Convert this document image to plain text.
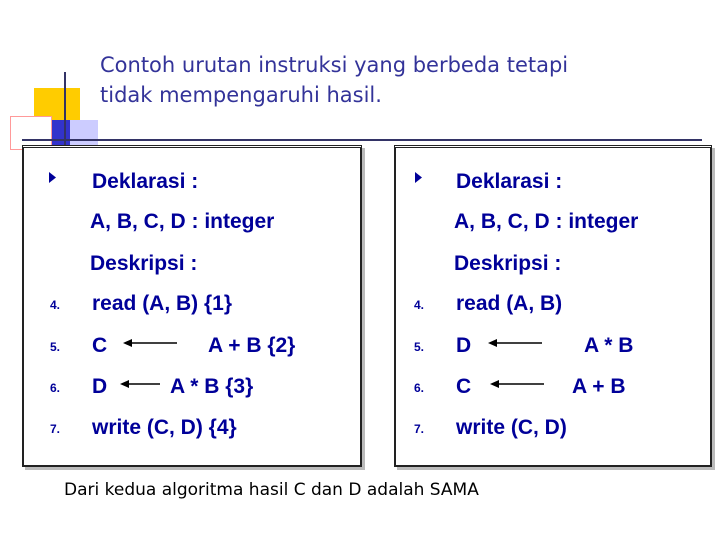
Contoh urutan instruksi yang berbeda tetapi
tidak mempengaruhi hasil.
Deklarasi :
A, B, C, D : integer
Deskripsi :
4. read (A, B) {1}
5. C	A + B {2}
6. D	A * B {3}
7. write (C, D) {4}
Deklarasi :
A, B, C, D : integer
Deskripsi :
4. read (A, B)
5. D	A * B
6. C	A + B
7. write (C, D)
Dari kedua algoritma hasil C dan D adalah SAMA
